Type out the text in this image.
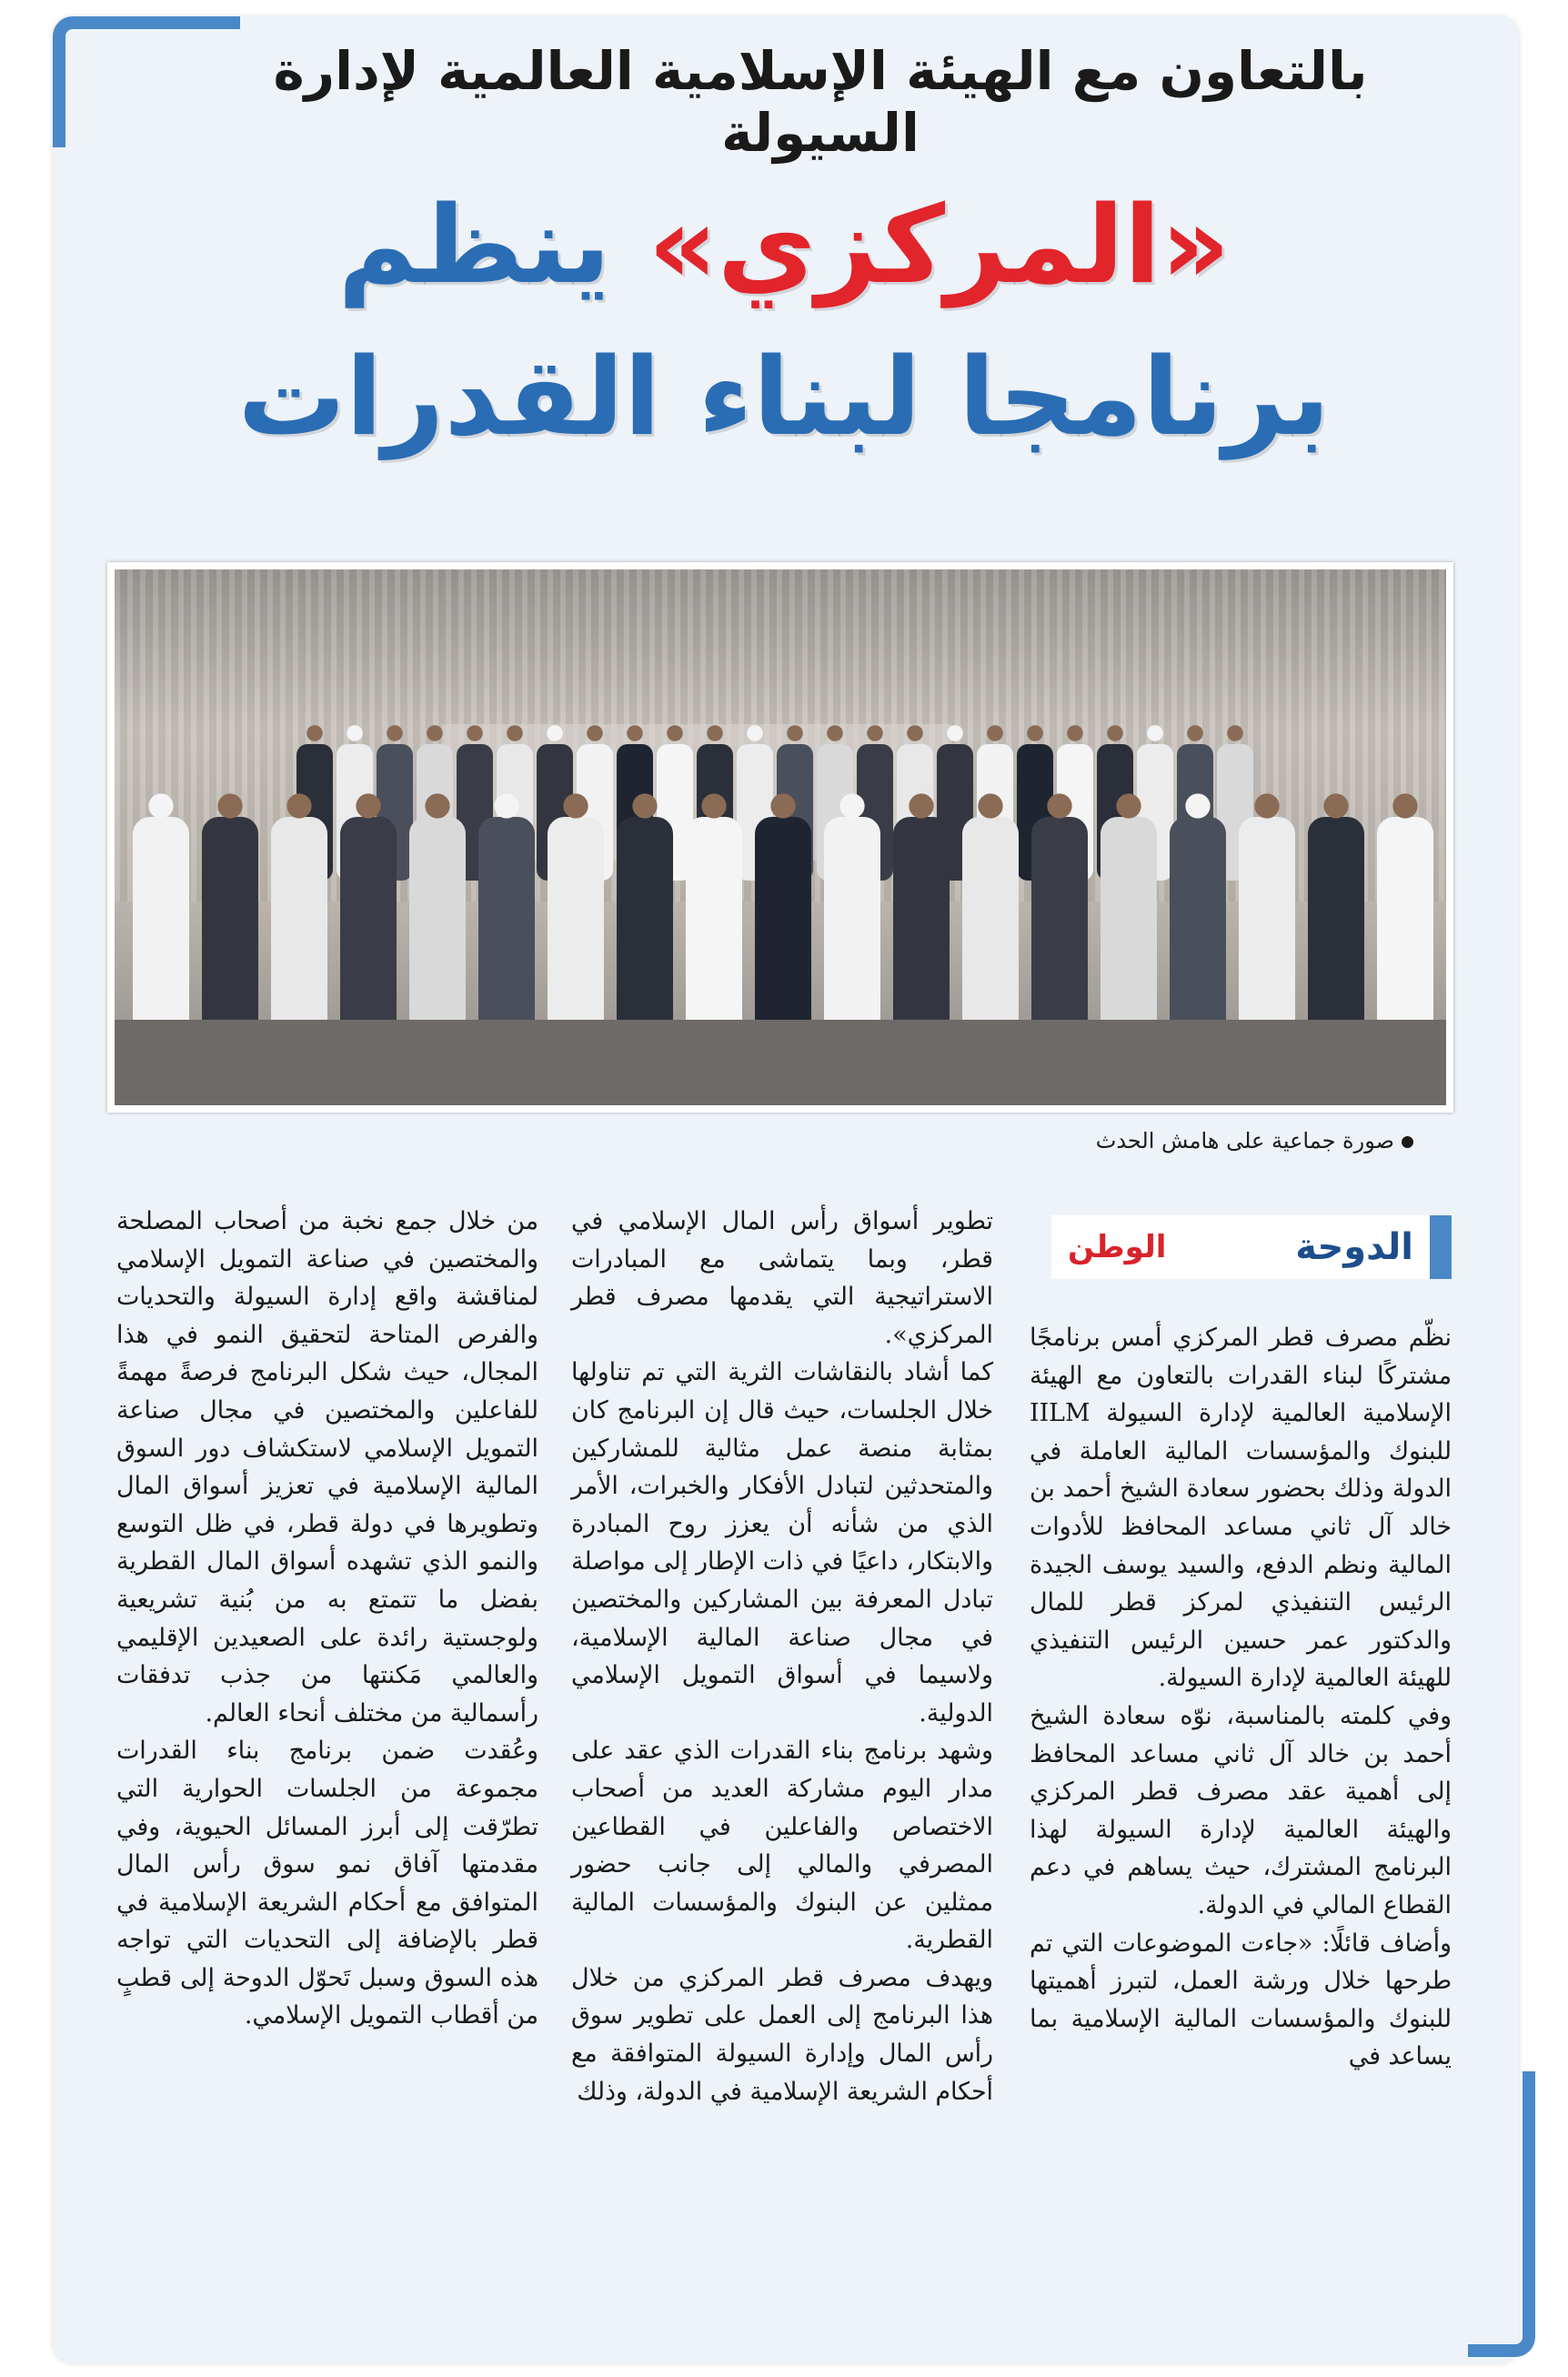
بالتعاون مع الهيئة الإسلامية العالمية لإدارة السيولة
«المركزي» ينظم
برنامجا لبناء القدرات
صورة جماعية على هامش الحدث
الدوحة
الوطن
نظّم مصرف قطر المركزي أمس برنامجًا مشتركًا لبناء القدرات بالتعاون مع الهيئة الإسلامية العالمية لإدارة السيولة IILM للبنوك والمؤسسات المالية العاملة في الدولة وذلك بحضور سعادة الشيخ أحمد بن خالد آل ثاني مساعد المحافظ للأدوات المالية ونظم الدفع، والسيد يوسف الجيدة الرئيس التنفيذي لمركز قطر للمال والدكتور عمر حسين الرئيس التنفيذي للهيئة العالمية لإدارة السيولة.
وفي كلمته بالمناسبة، نوّه سعادة الشيخ أحمد بن خالد آل ثاني مساعد المحافظ إلى أهمية عقد مصرف قطر المركزي والهيئة العالمية لإدارة السيولة لهذا البرنامج المشترك، حيث يساهم في دعم القطاع المالي في الدولة.
وأضاف قائلًا: «جاءت الموضوعات التي تم طرحها خلال ورشة العمل، لتبرز أهميتها للبنوك والمؤسسات المالية الإسلامية بما يساعد في
تطوير أسواق رأس المال الإسلامي في قطر، وبما يتماشى مع المبادرات الاستراتيجية التي يقدمها مصرف قطر المركزي».
كما أشاد بالنقاشات الثرية التي تم تناولها خلال الجلسات، حيث قال إن البرنامج كان بمثابة منصة عمل مثالية للمشاركين والمتحدثين لتبادل الأفكار والخبرات، الأمر الذي من شأنه أن يعزز روح المبادرة والابتكار، داعيًا في ذات الإطار إلى مواصلة تبادل المعرفة بين المشاركين والمختصين في مجال صناعة المالية الإسلامية، ولاسيما في أسواق التمويل الإسلامي الدولية.
وشهد برنامج بناء القدرات الذي عقد على مدار اليوم مشاركة العديد من أصحاب الاختصاص والفاعلين في القطاعين المصرفي والمالي إلى جانب حضور ممثلين عن البنوك والمؤسسات المالية القطرية.
ويهدف مصرف قطر المركزي من خلال هذا البرنامج إلى العمل على تطوير سوق رأس المال وإدارة السيولة المتوافقة مع أحكام الشريعة الإسلامية في الدولة، وذلك
من خلال جمع نخبة من أصحاب المصلحة والمختصين في صناعة التمويل الإسلامي لمناقشة واقع إدارة السيولة والتحديات والفرص المتاحة لتحقيق النمو في هذا المجال، حيث شكل البرنامج فرصةً مهمةً للفاعلين والمختصين في مجال صناعة التمويل الإسلامي لاستكشاف دور السوق المالية الإسلامية في تعزيز أسواق المال وتطويرها في دولة قطر، في ظل التوسع والنمو الذي تشهده أسواق المال القطرية بفضل ما تتمتع به من بُنية تشريعية ولوجستية رائدة على الصعيدين الإقليمي والعالمي مَكنتها من جذب تدفقات رأسمالية من مختلف أنحاء العالم.
وعُقدت ضمن برنامج بناء القدرات مجموعة من الجلسات الحوارية التي تطرّقت إلى أبرز المسائل الحيوية، وفي مقدمتها آفاق نمو سوق رأس المال المتوافق مع أحكام الشريعة الإسلامية في قطر بالإضافة إلى التحديات التي تواجه هذه السوق وسبل تَحوّل الدوحة إلى قطبٍ من أقطاب التمويل الإسلامي.
